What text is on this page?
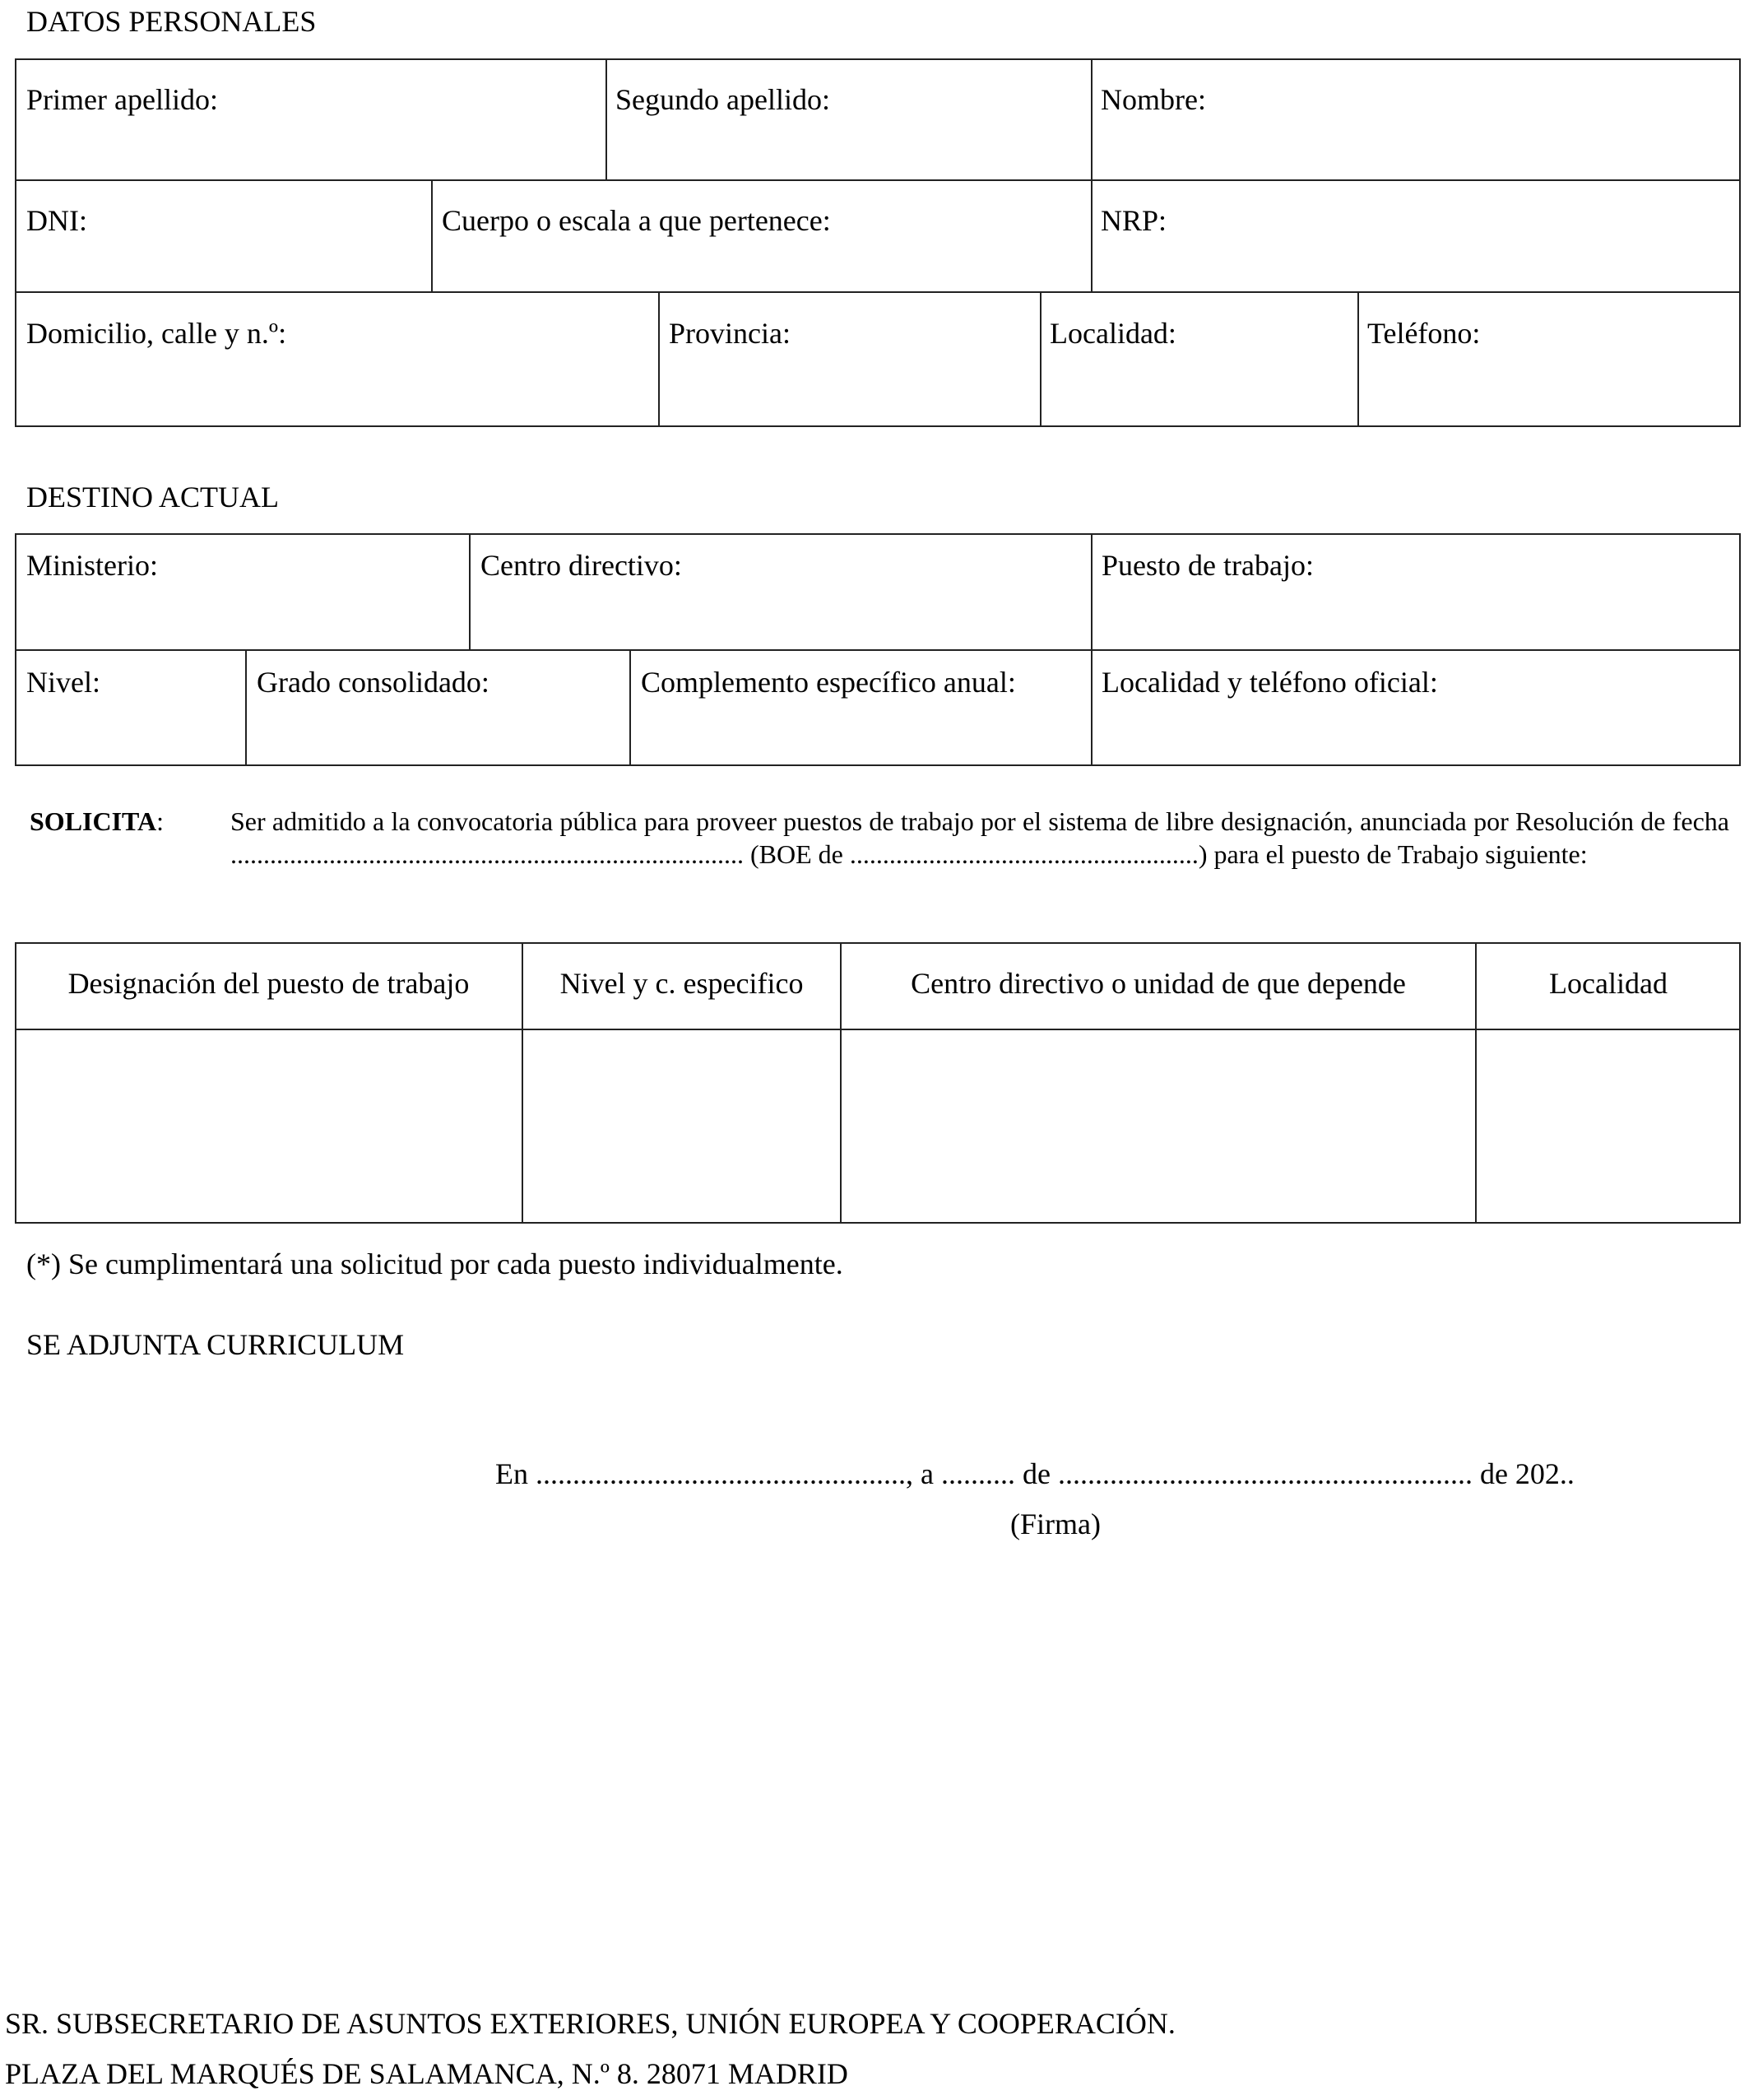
DATOS PERSONALES
Primer apellido:	Segundo apellido:	Nombre:
DNI:	Cuerpo o escala a que pertenece:	NRP:
Domicilio, calle y n.º:	Provincia:	Localidad:	Teléfono:
DESTINO ACTUAL
Ministerio:	Centro directivo:	Puesto de trabajo:
Nivel:	Grado consolidado:	Complemento específico anual:	Localidad y teléfono oficial:
SOLICITA:	Ser admitido a la convocatoria pública para proveer puestos de trabajo por el sistema de libre designación, anunciada por Resolución de fecha .............................................................................. (BOE de .....................................................) para el puesto de Trabajo siguiente:
Designación del puesto de trabajo	Nivel y c. especifico	Centro directivo o unidad de que depende	Localidad
(*) Se cumplimentará una solicitud por cada puesto individualmente.
SE ADJUNTA CURRICULUM
En .................................................., a .......... de ........................................................ de 202..
(Firma)
SR. SUBSECRETARIO DE ASUNTOS EXTERIORES, UNIÓN EUROPEA Y COOPERACIÓN.
PLAZA DEL MARQUÉS DE SALAMANCA, N.º 8. 28071 MADRID
